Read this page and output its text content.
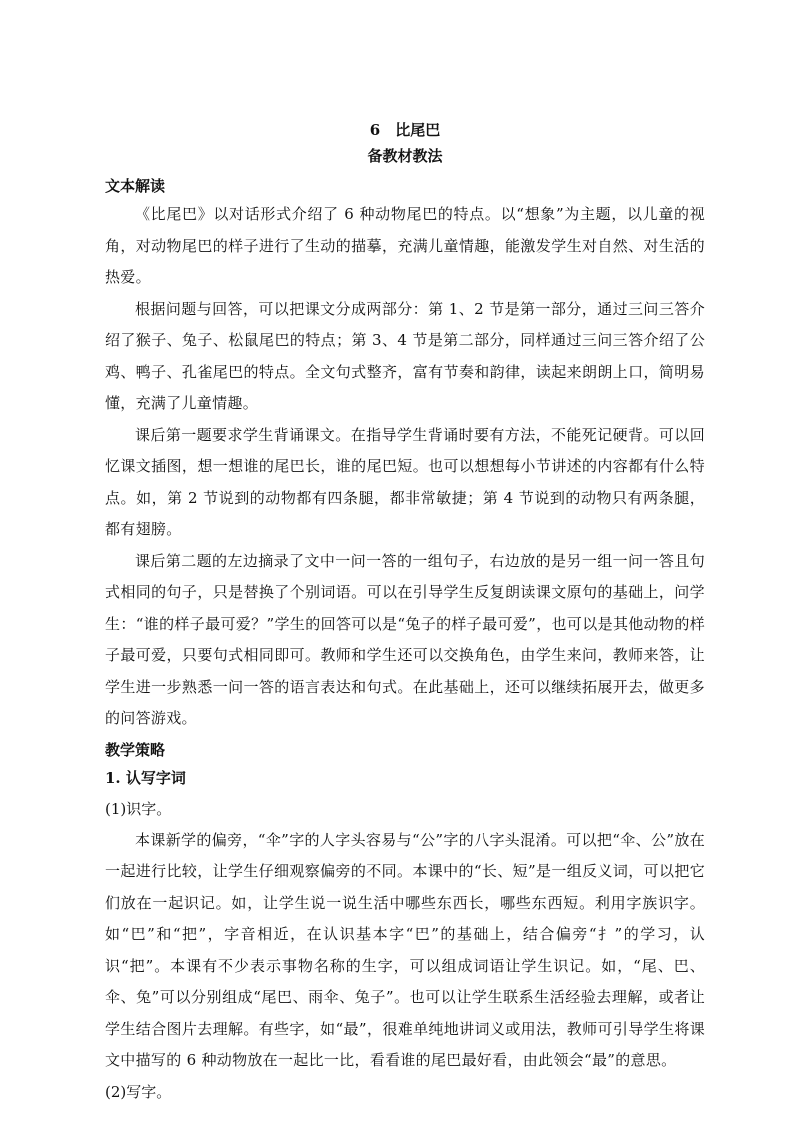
6　比尾巴
备教材教法
文本解读

《比尾巴》以对话形式介绍了 6 种动物尾巴的特点。以“想象”为主题，以儿童的视角，对动物尾巴的样子进行了生动的描摹，充满儿童情趣，能激发学生对自然、对生活的热爱。

根据问题与回答，可以把课文分成两部分：第 1、2 节是第一部分，通过三问三答介绍了猴子、兔子、松鼠尾巴的特点；第 3、4 节是第二部分，同样通过三问三答介绍了公鸡、鸭子、孔雀尾巴的特点。全文句式整齐，富有节奏和韵律，读起来朗朗上口，简明易懂，充满了儿童情趣。

课后第一题要求学生背诵课文。在指导学生背诵时要有方法，不能死记硬背。可以回忆课文插图，想一想谁的尾巴长，谁的尾巴短。也可以想想每小节讲述的内容都有什么特点。如，第 2 节说到的动物都有四条腿，都非常敏捷；第 4 节说到的动物只有两条腿，都有翅膀。

课后第二题的左边摘录了文中一问一答的一组句子，右边放的是另一组一问一答且句式相同的句子，只是替换了个别词语。可以在引导学生反复朗读课文原句的基础上，问学生：“谁的样子最可爱？”学生的回答可以是“兔子的样子最可爱”，也可以是其他动物的样子最可爱，只要句式相同即可。教师和学生还可以交换角色，由学生来问，教师来答，让学生进一步熟悉一问一答的语言表达和句式。在此基础上，还可以继续拓展开去，做更多的问答游戏。

教学策略
1. 认写字词
(1)识字。

本课新学的偏旁，“伞”字的人字头容易与“公”字的八字头混淆。可以把“伞、公”放在一起进行比较，让学生仔细观察偏旁的不同。本课中的“长、短”是一组反义词，可以把它们放在一起识记。如，让学生说一说生活中哪些东西长，哪些东西短。利用字族识字。如“巴”和“把”，字音相近，在认识基本字“巴”的基础上，结合偏旁“扌”的学习，认识“把”。本课有不少表示事物名称的生字，可以组成词语让学生识记。如，“尾、巴、伞、兔”可以分别组成“尾巴、雨伞、兔子”。也可以让学生联系生活经验去理解，或者让学生结合图片去理解。有些字，如“最”，很难单纯地讲词义或用法，教师可引导学生将课文中描写的 6 种动物放在一起比一比，看看谁的尾巴最好看，由此领会“最”的意思。

(2)写字。
